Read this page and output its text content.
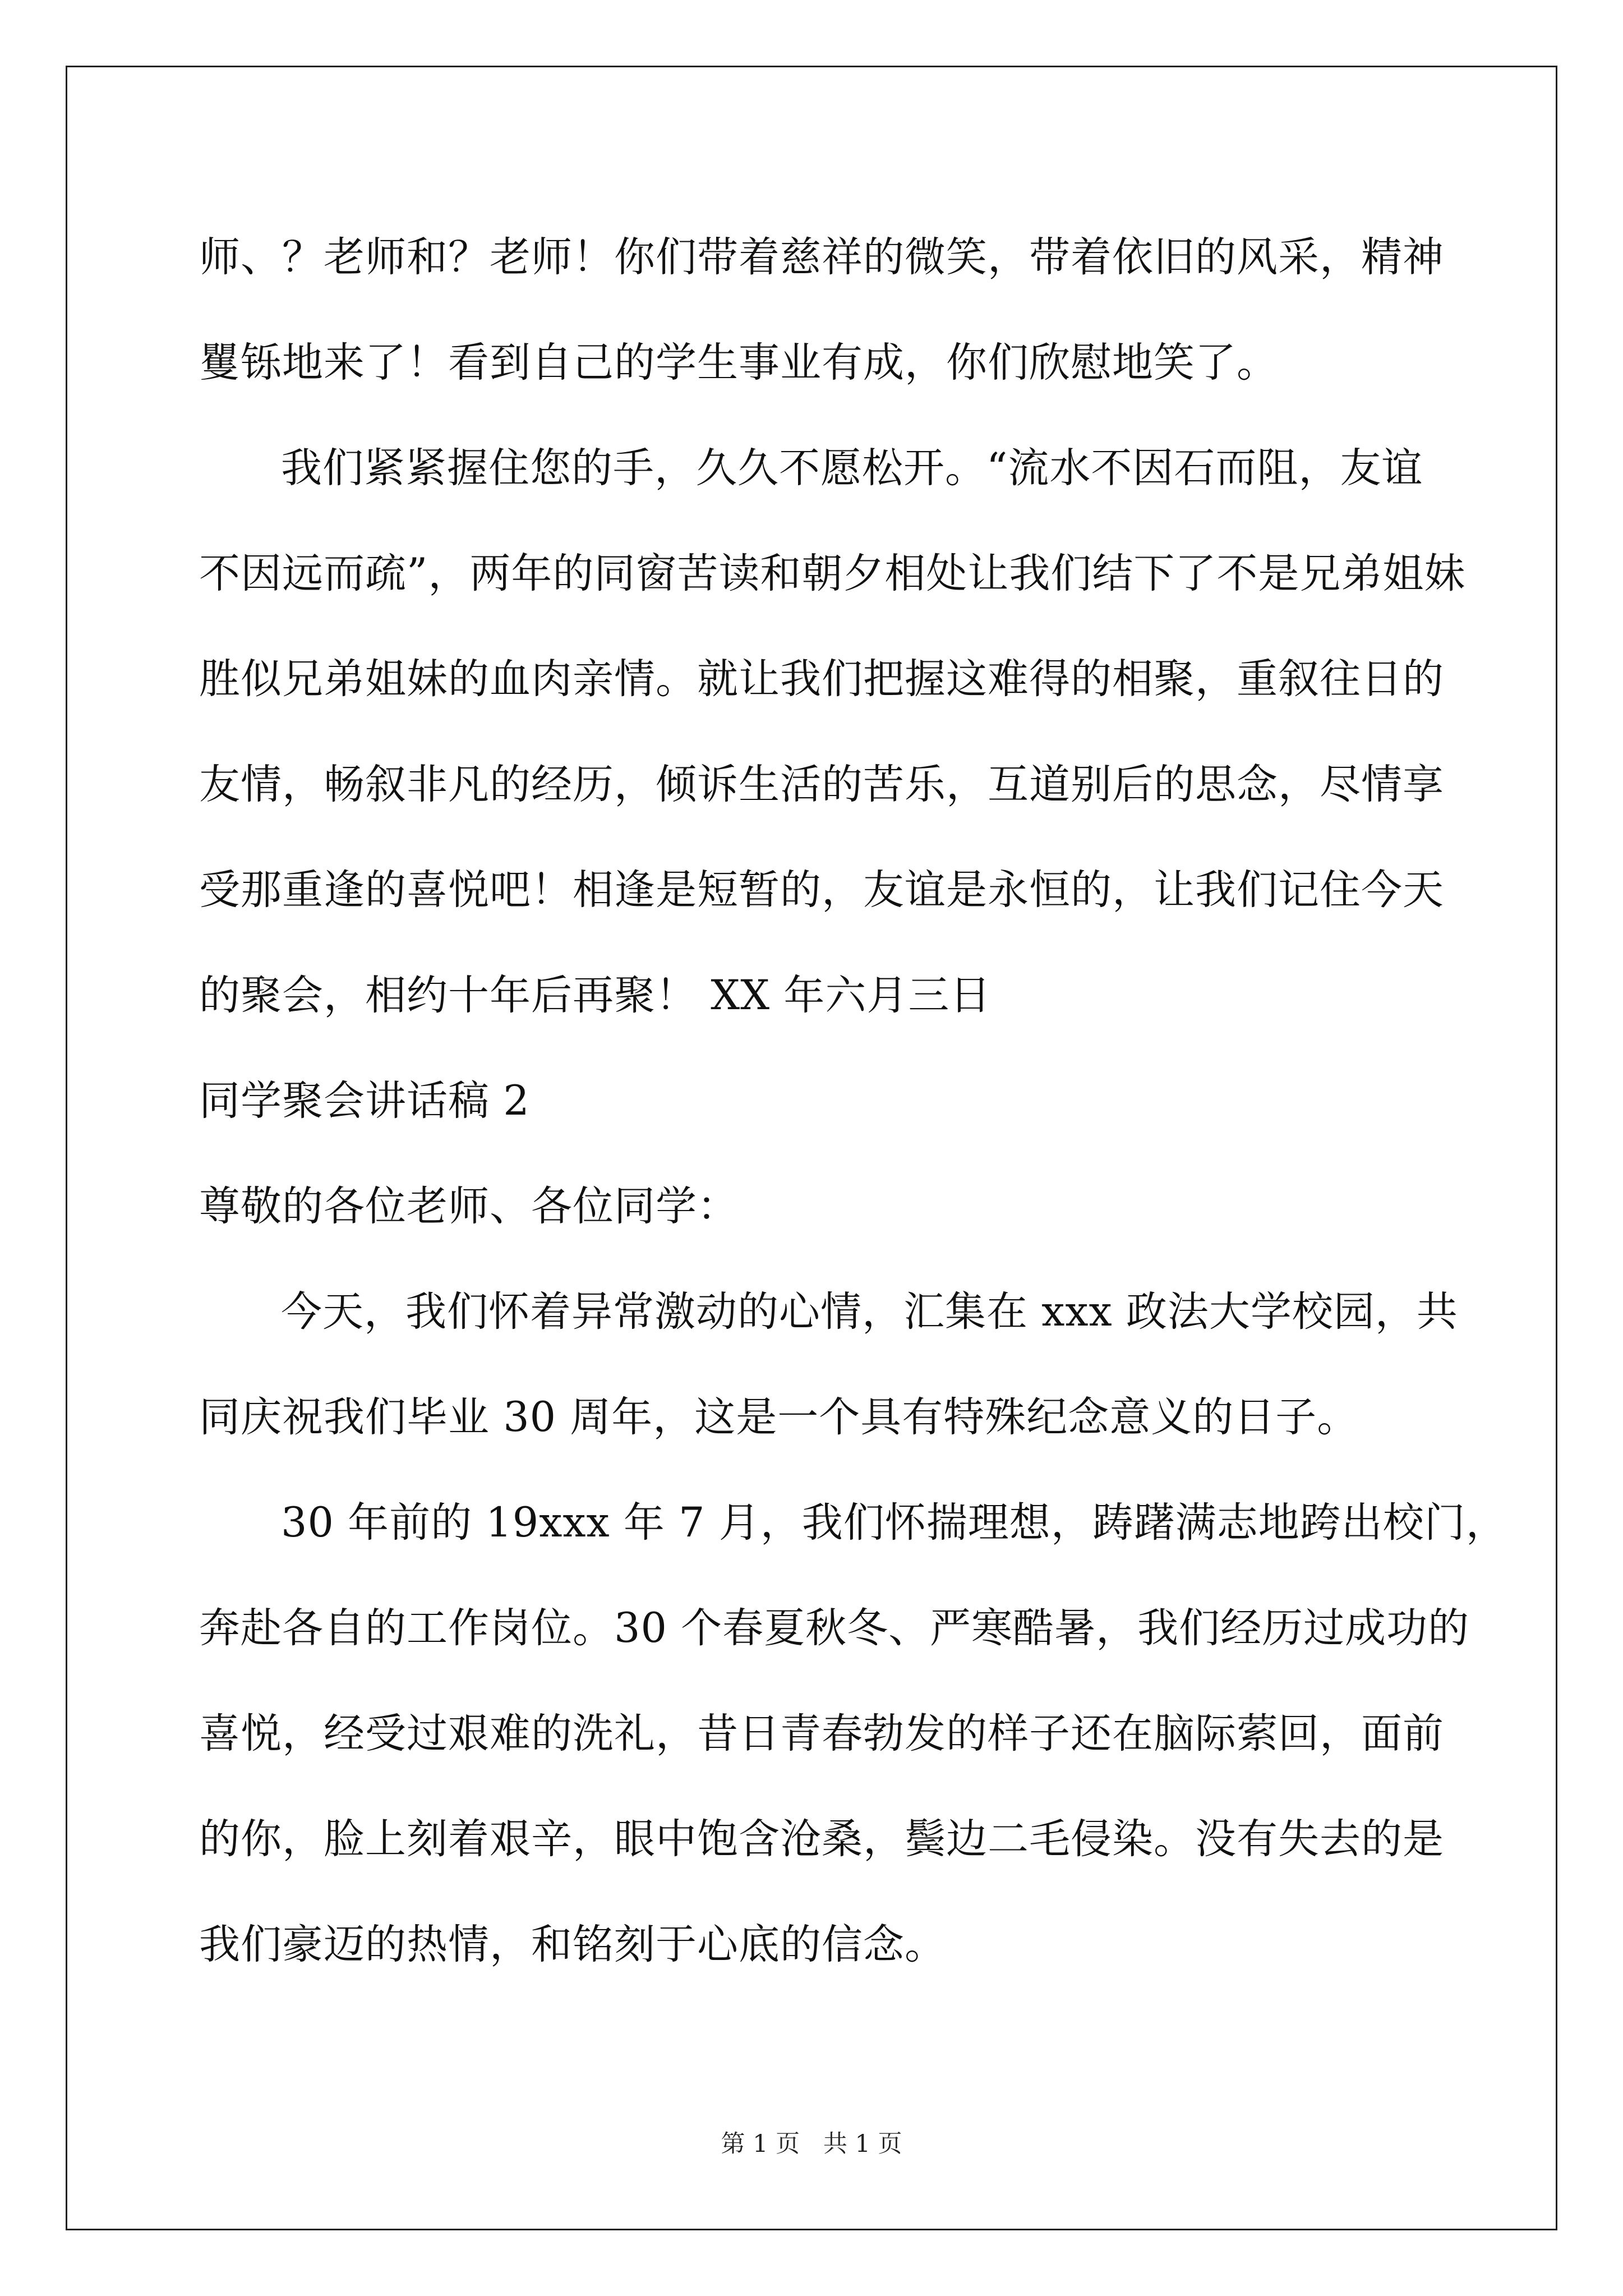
师、？老师和？老师！你们带着慈祥的微笑，带着依旧的风采，精神
矍铄地来了！看到自己的学生事业有成，你们欣慰地笑了。
我们紧紧握住您的手，久久不愿松开。“流水不因石而阻，友谊
不因远而疏”，两年的同窗苦读和朝夕相处让我们结下了不是兄弟姐妹
胜似兄弟姐妹的血肉亲情。就让我们把握这难得的相聚，重叙往日的
友情，畅叙非凡的经历，倾诉生活的苦乐，互道别后的思念，尽情享
受那重逢的喜悦吧！相逢是短暂的，友谊是永恒的，让我们记住今天
的聚会，相约十年后再聚！ XX 年六月三日
同学聚会讲话稿 2
尊敬的各位老师、各位同学：
今天，我们怀着异常激动的心情，汇集在 xxx 政法大学校园，共
同庆祝我们毕业 30 周年，这是一个具有特殊纪念意义的日子。
30 年前的 19xxx 年 7 月，我们怀揣理想，踌躇满志地跨出校门，
奔赴各自的工作岗位。30 个春夏秋冬、严寒酷暑，我们经历过成功的
喜悦，经受过艰难的洗礼，昔日青春勃发的样子还在脑际萦回，面前
的你，脸上刻着艰辛，眼中饱含沧桑，鬓边二毛侵染。没有失去的是
我们豪迈的热情，和铭刻于心底的信念。
第 1 页 共 1 页
